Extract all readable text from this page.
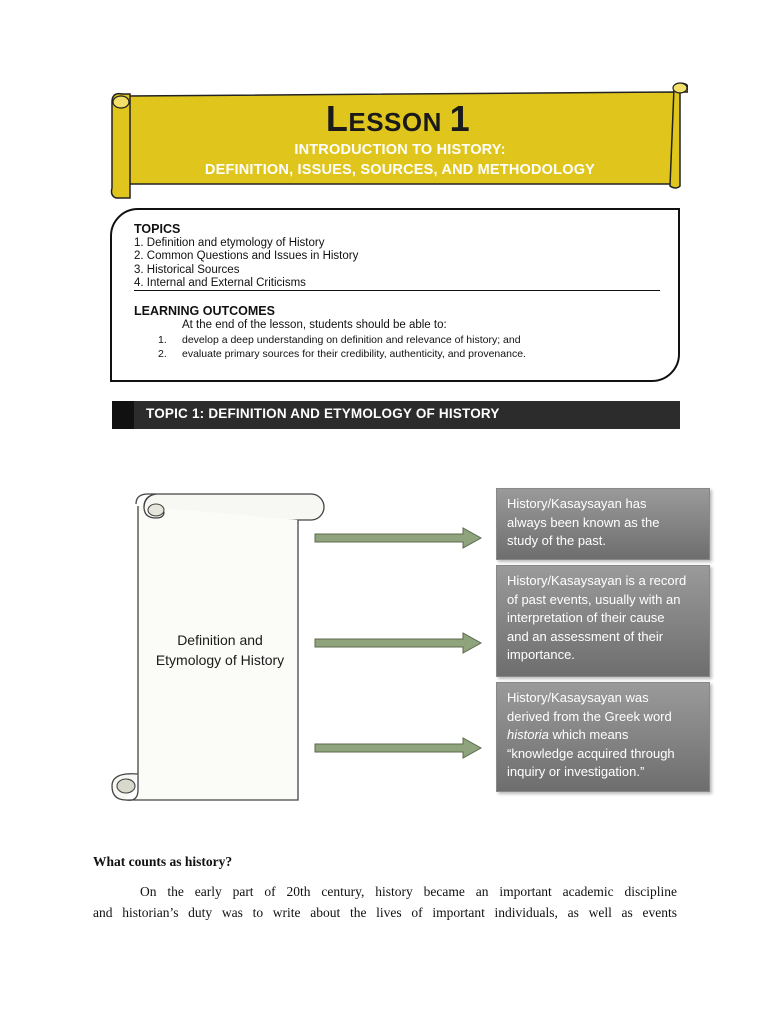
LESSON 1
INTRODUCTION TO HISTORY:
DEFINITION, ISSUES, SOURCES, AND METHODOLOGY
TOPICS
1. Definition and etymology of History
2. Common Questions and Issues in History
3. Historical Sources
4. Internal and External Criticisms
LEARNING OUTCOMES
At the end of the lesson, students should be able to:
1. develop a deep understanding on definition and relevance of history; and
2. evaluate primary sources for their credibility, authenticity, and provenance.
TOPIC 1: DEFINITION AND ETYMOLOGY OF HISTORY
Definition and
Etymology of History
History/Kasaysayan has
always been known as the
study of the past.
History/Kasaysayan is a record
of past events, usually with an
interpretation of their cause
and an assessment of their
importance.
History/Kasaysayan was
derived from the Greek word
historia which means
“knowledge acquired through
inquiry or investigation.”
What counts as history?
On the early part of 20th century, history became an important academic discipline
and historian’s duty was to write about the lives of important individuals, as well as events
